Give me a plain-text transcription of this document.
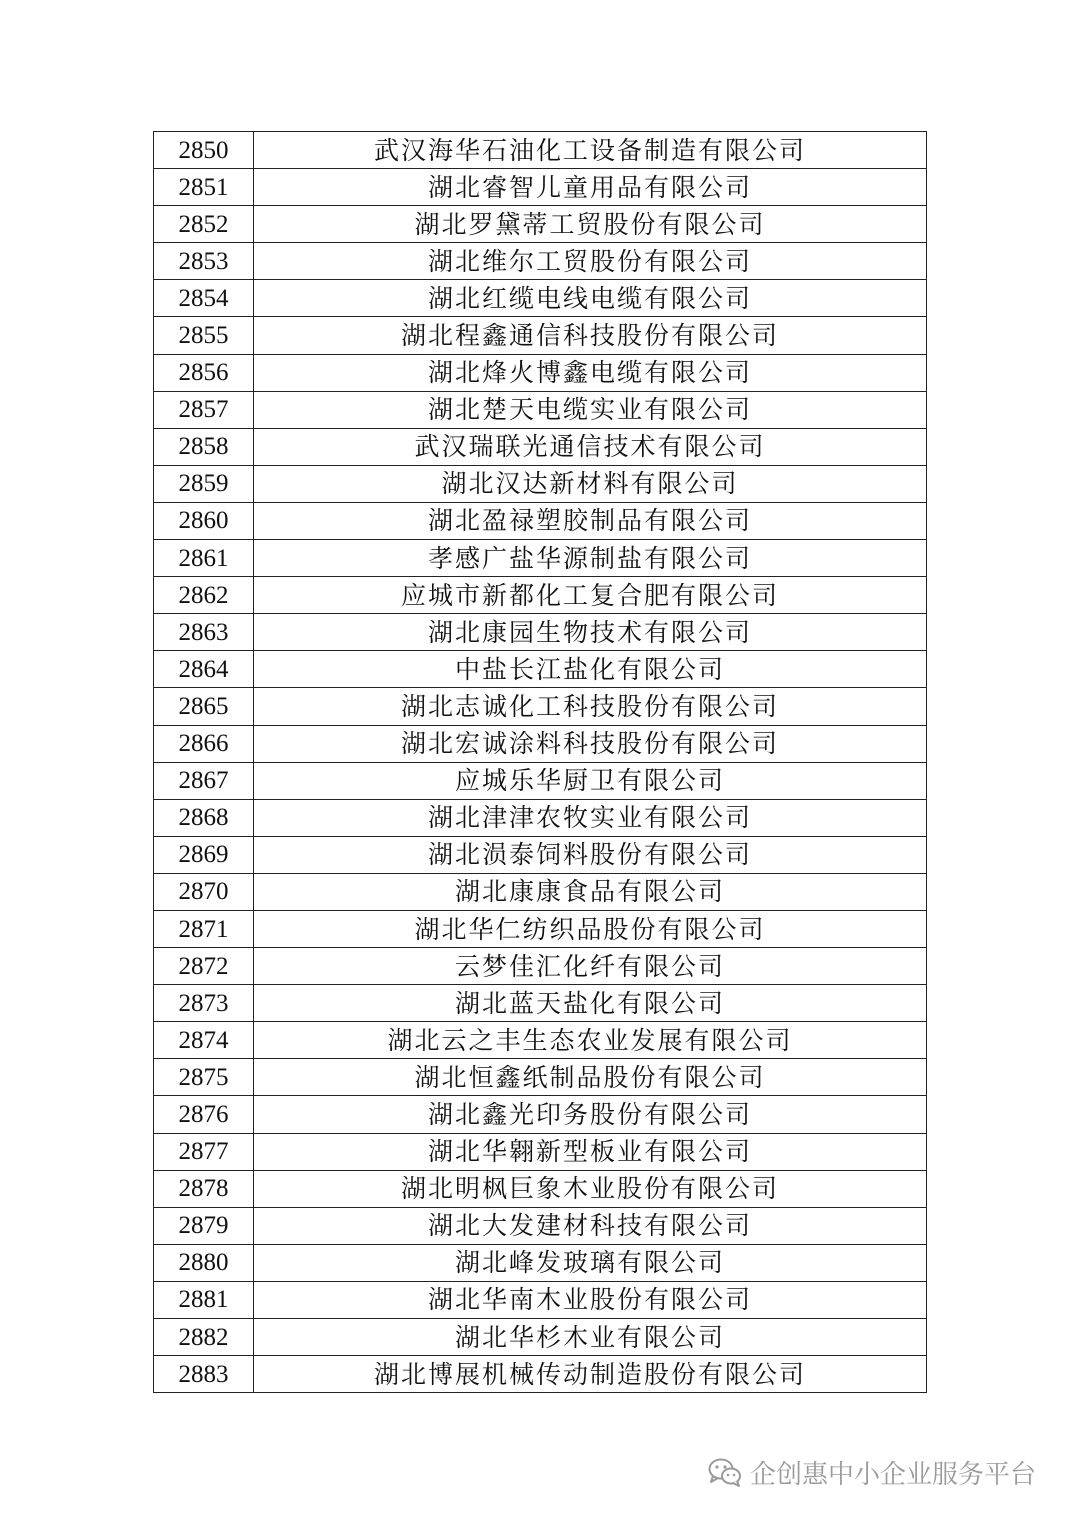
2850	武汉海华石油化工设备制造有限公司
2851	湖北睿智儿童用品有限公司
2852	湖北罗黛蒂工贸股份有限公司
2853	湖北维尔工贸股份有限公司
2854	湖北红缆电线电缆有限公司
2855	湖北程鑫通信科技股份有限公司
2856	湖北烽火博鑫电缆有限公司
2857	湖北楚天电缆实业有限公司
2858	武汉瑞联光通信技术有限公司
2859	湖北汉达新材料有限公司
2860	湖北盈禄塑胶制品有限公司
2861	孝感广盐华源制盐有限公司
2862	应城市新都化工复合肥有限公司
2863	湖北康园生物技术有限公司
2864	中盐长江盐化有限公司
2865	湖北志诚化工科技股份有限公司
2866	湖北宏诚涂料科技股份有限公司
2867	应城乐华厨卫有限公司
2868	湖北津津农牧实业有限公司
2869	湖北涢泰饲料股份有限公司
2870	湖北康康食品有限公司
2871	湖北华仁纺织品股份有限公司
2872	云梦佳汇化纤有限公司
2873	湖北蓝天盐化有限公司
2874	湖北云之丰生态农业发展有限公司
2875	湖北恒鑫纸制品股份有限公司
2876	湖北鑫光印务股份有限公司
2877	湖北华翱新型板业有限公司
2878	湖北明枫巨象木业股份有限公司
2879	湖北大发建材科技有限公司
2880	湖北峰发玻璃有限公司
2881	湖北华南木业股份有限公司
2882	湖北华杉木业有限公司
2883	湖北博展机械传动制造股份有限公司
企创惠中小企业服务平台
